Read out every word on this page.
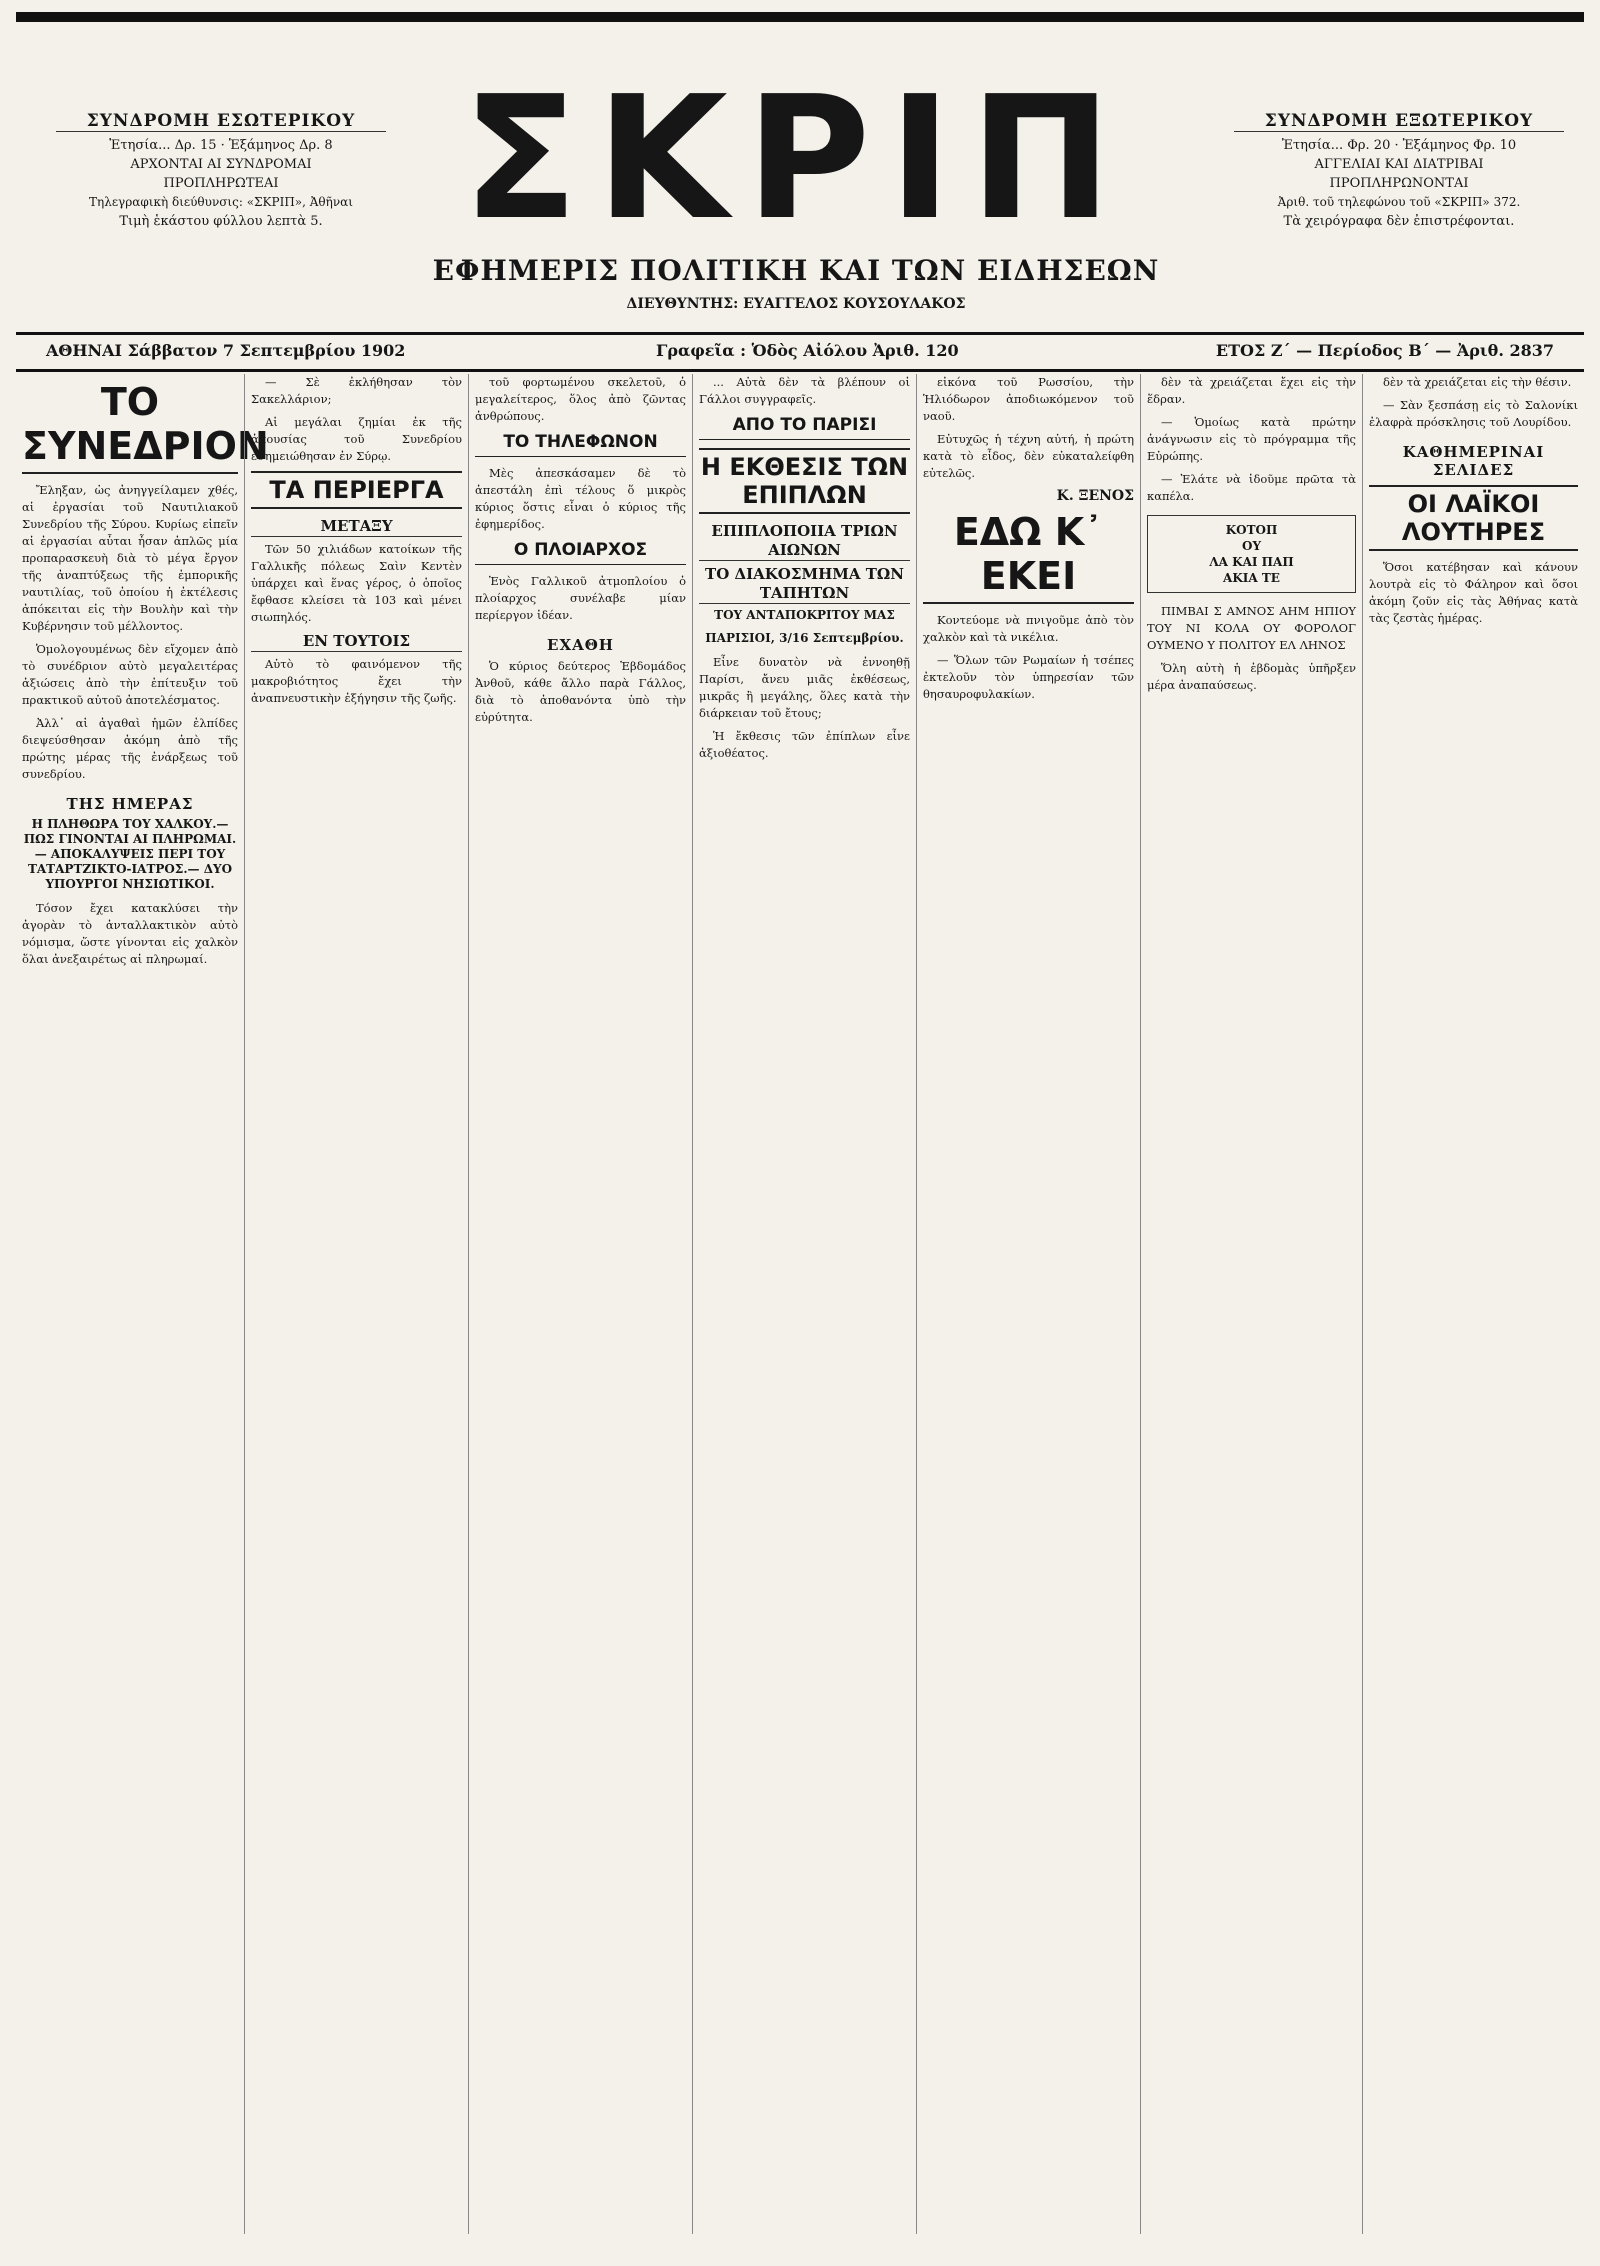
ΣΥΝΔΡΟΜΗ ΕΣΩΤΕΡΙΚΟΥ
Ἐτησία... Δρ. 15 · Ἑξάμηνος Δρ. 8
ΑΡΧΟΝΤΑΙ ΑΙ ΣΥΝΔΡΟΜΑΙ
ΠΡΟΠΛΗΡΩΤΕΑΙ
Τηλεγραφικὴ διεύθυνσις: «ΣΚΡΙΠ», Ἀθῆναι
Τιμὴ ἑκάστου φύλλου λεπτὰ 5. ΣΚΡΙΠ
ΕΦΗΜΕΡΙΣ ΠΟΛΙΤΙΚΗ ΚΑΙ ΤΩΝ ΕΙΔΗΣΕΩΝ
ΔΙΕΥΘΥΝΤΗΣ: ΕΥΑΓΓΕΛΟΣ ΚΟΥΣΟΥΛΑΚΟΣ
ΣΥΝΔΡΟΜΗ ΕΞΩΤΕΡΙΚΟΥ
Ἐτησία... Φρ. 20 · Ἑξάμηνος Φρ. 10
ΑΓΓΕΛΙΑΙ ΚΑΙ ΔΙΑΤΡΙΒΑΙ
ΠΡΟΠΛΗΡΩΝΟΝΤΑΙ
Ἀριθ. τοῦ τηλεφώνου τοῦ «ΣΚΡΙΠ» 372.
Τὰ χειρόγραφα δὲν ἐπιστρέφονται.
ΑΘΗΝΑΙ Σάββατον 7 Σεπτεμβρίου 1902	Γραφεῖα : Ὁδὸς Αἰόλου Ἀριθ. 120	ΕΤΟΣ Ζ΄ — Περίοδος Β΄ — Ἀριθ. 2837
ΤΟ ΣΥΝΕΔΡΙΟΝ

Ἔληξαν, ὡς ἀνηγγείλαμεν χθές, αἱ ἐργασίαι τοῦ Ναυτιλιακοῦ Συνεδρίου τῆς Σύρου. Κυρίως εἰπεῖν αἱ ἐργασίαι αὗται ἦσαν ἁπλῶς μία προπαρασκευὴ διὰ τὸ μέγα ἔργον τῆς ἀναπτύξεως τῆς ἐμπορικῆς ναυτιλίας, τοῦ ὁποίου ἡ ἐκτέλεσις ἀπόκειται εἰς τὴν Βουλὴν καὶ τὴν Κυβέρνησιν τοῦ μέλλοντος.

Ὁμολογουμένως δὲν εἴχομεν ἀπὸ τὸ συνέδριον αὐτὸ μεγαλειτέρας ἀξιώσεις ἀπὸ τὴν ἐπίτευξιν τοῦ πρακτικοῦ αὐτοῦ ἀποτελέσματος.

Ἀλλ᾽ αἱ ἀγαθαὶ ἡμῶν ἐλπίδες διεψεύσθησαν ἀκόμη ἀπὸ τῆς πρώτης μέρας τῆς ἐνάρξεως τοῦ συνεδρίου.

ΤΗΣ ΗΜΕΡΑΣ
Η ΠΛΗΘΩΡΑ ΤΟΥ ΧΑΛΚΟΥ.— ΠΩΣ ΓΙΝΟΝΤΑΙ ΑΙ ΠΛΗΡΩΜΑΙ.— ΑΠΟΚΑΛΥΨΕΙΣ ΠΕΡΙ ΤΟΥ ΤΑΤΑΡΤΖΙΚΤΟ-ΙΑΤΡΟΣ.— ΔΥΟ ΥΠΟΥΡΓΟΙ ΝΗΣΙΩΤΙΚΟΙ.

Τόσον ἔχει κατακλύσει τὴν ἀγορὰν τὸ ἀνταλλακτικὸν αὐτὸ νόμισμα, ὥστε γίνονται εἰς χαλκὸν ὅλαι ἀνεξαιρέτως αἱ πληρωμαί.

— Σὲ ἐκλήθησαν τὸν Σακελλάριον;

Αἱ μεγάλαι ζημίαι ἐκ τῆς ἀπουσίας τοῦ Συνεδρίου ἐσημειώθησαν ἐν Σύρῳ.

ΤΑ ΠΕΡΙΕΡΓΑ
ΜΕΤΑΞΥ

Τῶν 50 χιλιάδων κατοίκων τῆς Γαλλικῆς πόλεως Σαὶν Κεντὲν ὑπάρχει καὶ ἕνας γέρος, ὁ ὁποῖος ἔφθασε κλείσει τὰ 103 καὶ μένει σιωπηλός.

ΕΝ ΤΟΥΤΟΙΣ

Αὐτὸ τὸ φαινόμενον τῆς μακροβιότητος ἔχει τὴν ἀναπνευστικὴν ἐξήγησιν τῆς ζωῆς.

τοῦ φορτωμένου σκελετοῦ, ὁ μεγαλείτερος, ὅλος ἀπὸ ζῶντας ἀνθρώπους.

ΤΟ ΤΗΛΕΦΩΝΟΝ

Μὲς ἀπεσκάσαμεν δὲ τὸ ἀπεστάλη ἐπὶ τέλους ὅ μικρὸς κύριος ὅστις εἶναι ὁ κύριος τῆς ἐφημερίδος.

Ο ΠΛΟΙΑΡΧΟΣ

Ἐνὸς Γαλλικοῦ ἀτμοπλοίου ὁ πλοίαρχος συνέλαβε μίαν περίεργον ἰδέαν.

ΕΧΑΘΗ

Ὁ κύριος δεύτερος Ἑβδομάδος Ἀνθοῦ, κάθε ἄλλο παρὰ Γάλλος, διὰ τὸ ἀποθανόντα ὑπὸ τὴν εὐρύτητα.

... Αὐτὰ δὲν τὰ βλέπουν οἱ Γάλλοι συγγραφεῖς.

ΑΠΟ ΤΟ ΠΑΡΙΣΙ
Η ΕΚΘΕΣΙΣ ΤΩΝ ΕΠΙΠΛΩΝ
ΕΠΙΠΛΟΠΟΙΙΑ ΤΡΙΩΝ ΑΙΩΝΩΝ
ΤΟ ΔΙΑΚΟΣΜΗΜΑ ΤΩΝ ΤΑΠΗΤΩΝ
ΤΟΥ ΑΝΤΑΠΟΚΡΙΤΟΥ ΜΑΣ
ΠΑΡΙΣΙΟΙ, 3/16 Σεπτεμβρίου.

Εἶνε δυνατὸν νὰ ἐννοηθῇ Παρίσι, ἄνευ μιᾶς ἐκθέσεως, μικρᾶς ἢ μεγάλης, ὅλες κατὰ τὴν διάρκειαν τοῦ ἔτους;

Ἡ ἔκθεσις τῶν ἐπίπλων εἶνε ἀξιοθέατος.

εἰκόνα τοῦ Ρωσσίου, τὴν Ἡλιόδωρον ἀποδιωκόμενον τοῦ ναοῦ.

Εὐτυχῶς ἡ τέχνη αὐτή, ἡ πρώτη κατὰ τὸ εἶδος, δὲν εὐκαταλείφθη εὐτελῶς.

Κ. ΞΕΝΟΣ
ΕΔΩ Κ᾽ ΕΚΕΙ

Κοντεύομε νὰ πνιγοῦμε ἀπὸ τὸν χαλκὸν καὶ τὰ νικέλια.

— Ὅλων τῶν Ρωμαίων ἡ τσέπες ἐκτελοῦν τὸν ὑπηρεσίαν τῶν θησαυροφυλακίων.

δὲν τὰ χρειάζεται ἔχει εἰς τὴν ἕδραν.

— Ὁμοίως κατὰ πρώτην ἀνάγνωσιν εἰς τὸ πρόγραμμα τῆς Εὐρώπης.

— Ἐλάτε νὰ ἰδοῦμε πρῶτα τὰ καπέλα.

ΚΟΤΟΠ
ΟΥ
ΛΑ ΚΑΙ ΠΑΠ
ΑΚΙΑ ΤΕ

ΠΙΜΒΑΙ Σ ΑΜΝΟΣ ΑΗΜ ΗΠΙΟΥ ΤΟΥ ΝΙ ΚΟΛΑ ΟΥ ΦΟΡΟΛΟΓ ΟΥΜΕΝΟ Υ ΠΟΛΙΤΟΥ ΕΛ ΛΗΝΟΣ

Ὅλη αὐτὴ ἡ ἑβδομὰς ὑπῆρξεν μέρα ἀναπαύσεως.

δὲν τὰ χρειάζεται εἰς τὴν θέσιν.

— Σὰν ξεσπάσῃ εἰς τὸ Σαλονίκι ἐλαφρὰ πρόσκλησις τοῦ Λουρίδου.

ΚΑΘΗΜΕΡΙΝΑΙ ΣΕΛΙΔΕΣ
ΟΙ ΛΑΪΚΟΙ ΛΟΥΤΗΡΕΣ

Ὅσοι κατέβησαν καὶ κάνουν λουτρὰ εἰς τὸ Φάληρον καὶ ὅσοι ἀκόμη ζοῦν εἰς τὰς Ἀθήνας κατὰ τὰς ζεστὰς ἡμέρας.
